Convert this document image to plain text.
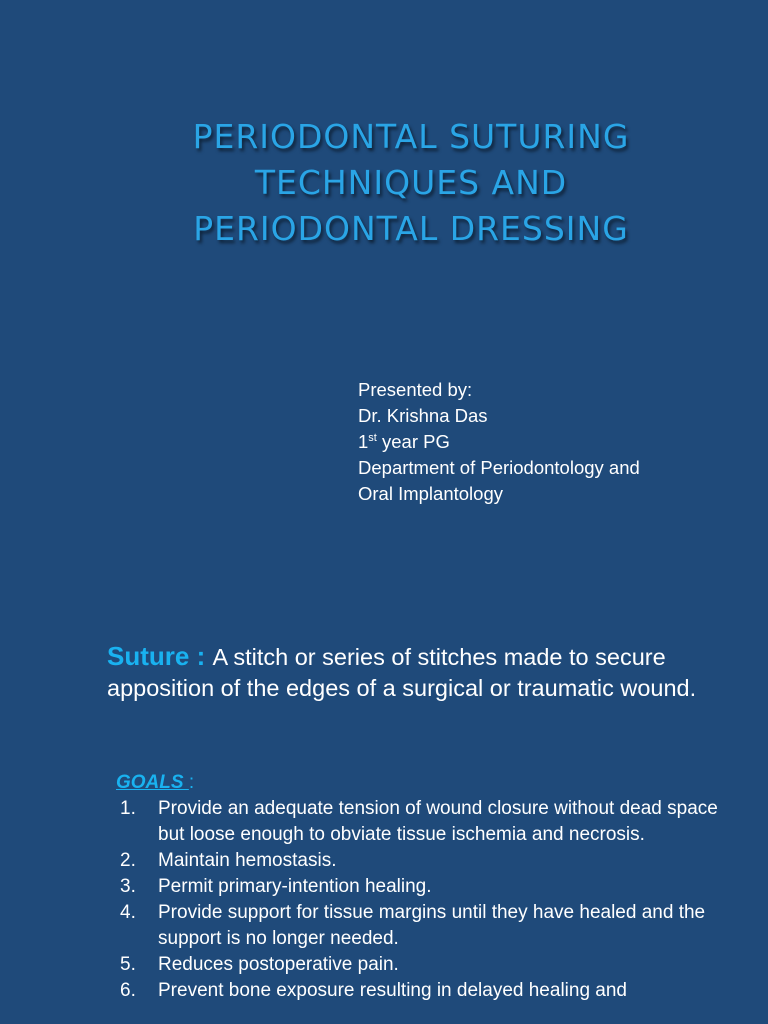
PERIODONTAL SUTURING
TECHNIQUES AND
PERIODONTAL DRESSING
Presented by:
Dr. Krishna Das
1st year PG
Department of Periodontology and
Oral Implantology
Suture : A stitch or series of stitches made to secure apposition of the edges of a surgical or traumatic wound.
GOALS :
1. Provide an adequate tension of wound closure without dead space but loose enough to obviate tissue ischemia and necrosis.
2. Maintain hemostasis.
3. Permit primary-intention healing.
4. Provide support for tissue margins until they have healed and the support is no longer needed.
5. Reduces postoperative pain.
6. Prevent bone exposure resulting in delayed healing and
